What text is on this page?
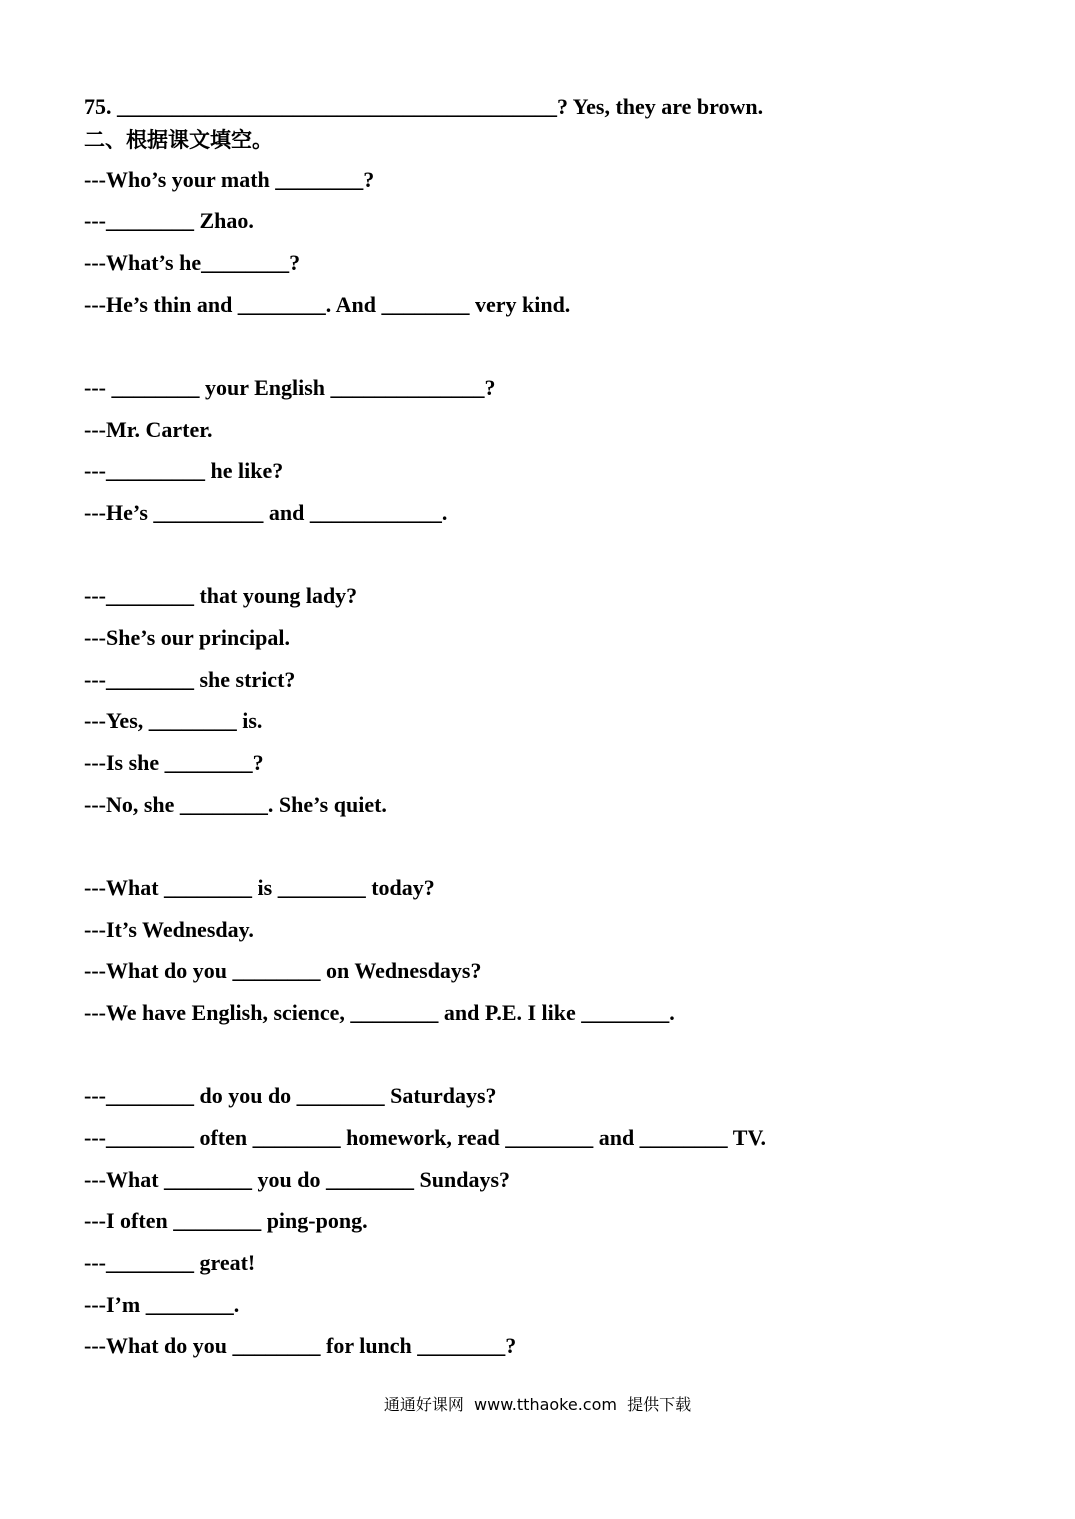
75. ________________________________________? Yes, they are brown.
二、根据课文填空。
---Who’s your math ________?
---________ Zhao.
---What’s he________?
---He’s thin and ________. And ________ very kind.
--- ________ your English ______________?
---Mr. Carter.
---_________ he like?
---He’s __________ and ____________.
---________ that young lady?
---She’s our principal.
---________ she strict?
---Yes, ________ is.
---Is she ________?
---No, she ________. She’s quiet.
---What ________ is ________ today?
---It’s Wednesday.
---What do you ________ on Wednesdays?
---We have English, science, ________ and P.E. I like ________.
---________ do you do ________ Saturdays?
---________ often ________ homework, read ________ and ________ TV.
---What ________ you do ________ Sundays?
---I often ________ ping-pong.
---________ great!
---I’m ________.
---What do you ________ for lunch ________?
通通好课网  www.tthaoke.com  提供下载
